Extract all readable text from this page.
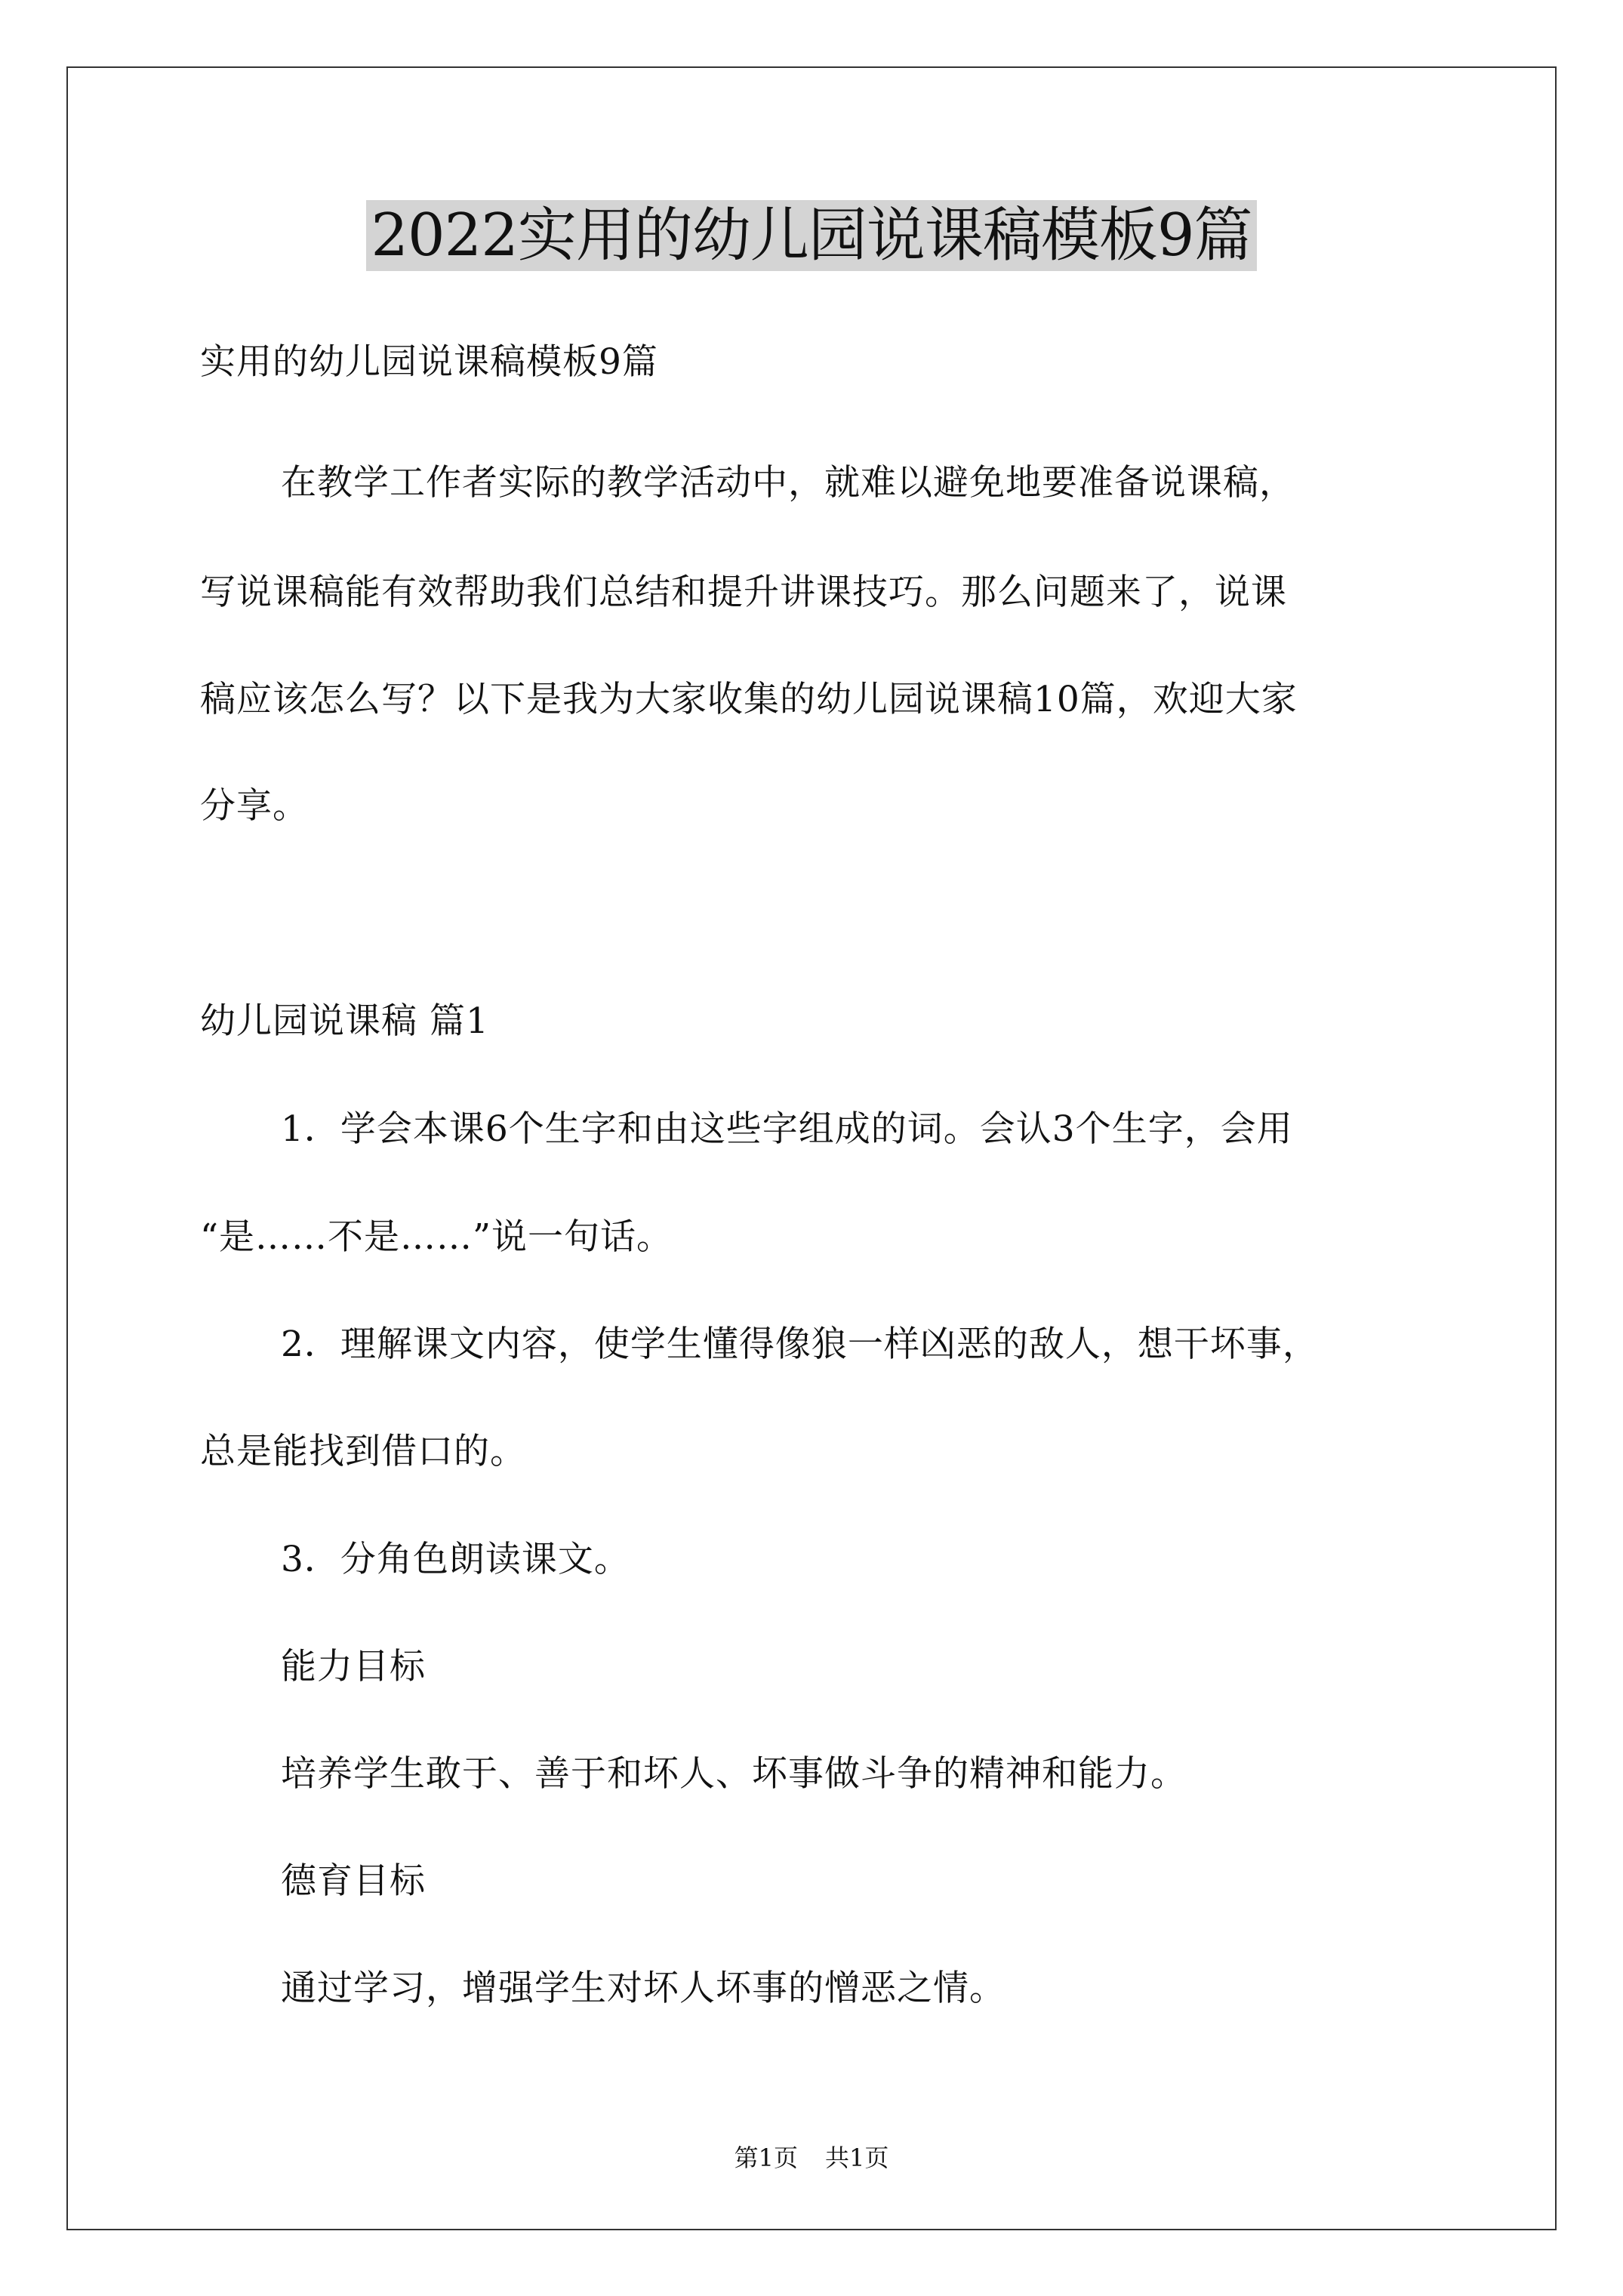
2022实用的幼儿园说课稿模板9篇
实用的幼儿园说课稿模板9篇
在教学工作者实际的教学活动中，就难以避免地要准备说课稿，
写说课稿能有效帮助我们总结和提升讲课技巧。那么问题来了，说课
稿应该怎么写？以下是我为大家收集的幼儿园说课稿10篇，欢迎大家
分享。
幼儿园说课稿 篇1
1．学会本课6个生字和由这些字组成的词。会认3个生字，会用
“是……不是……”说一句话。
2．理解课文内容，使学生懂得像狼一样凶恶的敌人，想干坏事，
总是能找到借口的。
3．分角色朗读课文。
能力目标
培养学生敢于、善于和坏人、坏事做斗争的精神和能力。
德育目标
通过学习，增强学生对坏人坏事的憎恶之情。
第1页 共1页
